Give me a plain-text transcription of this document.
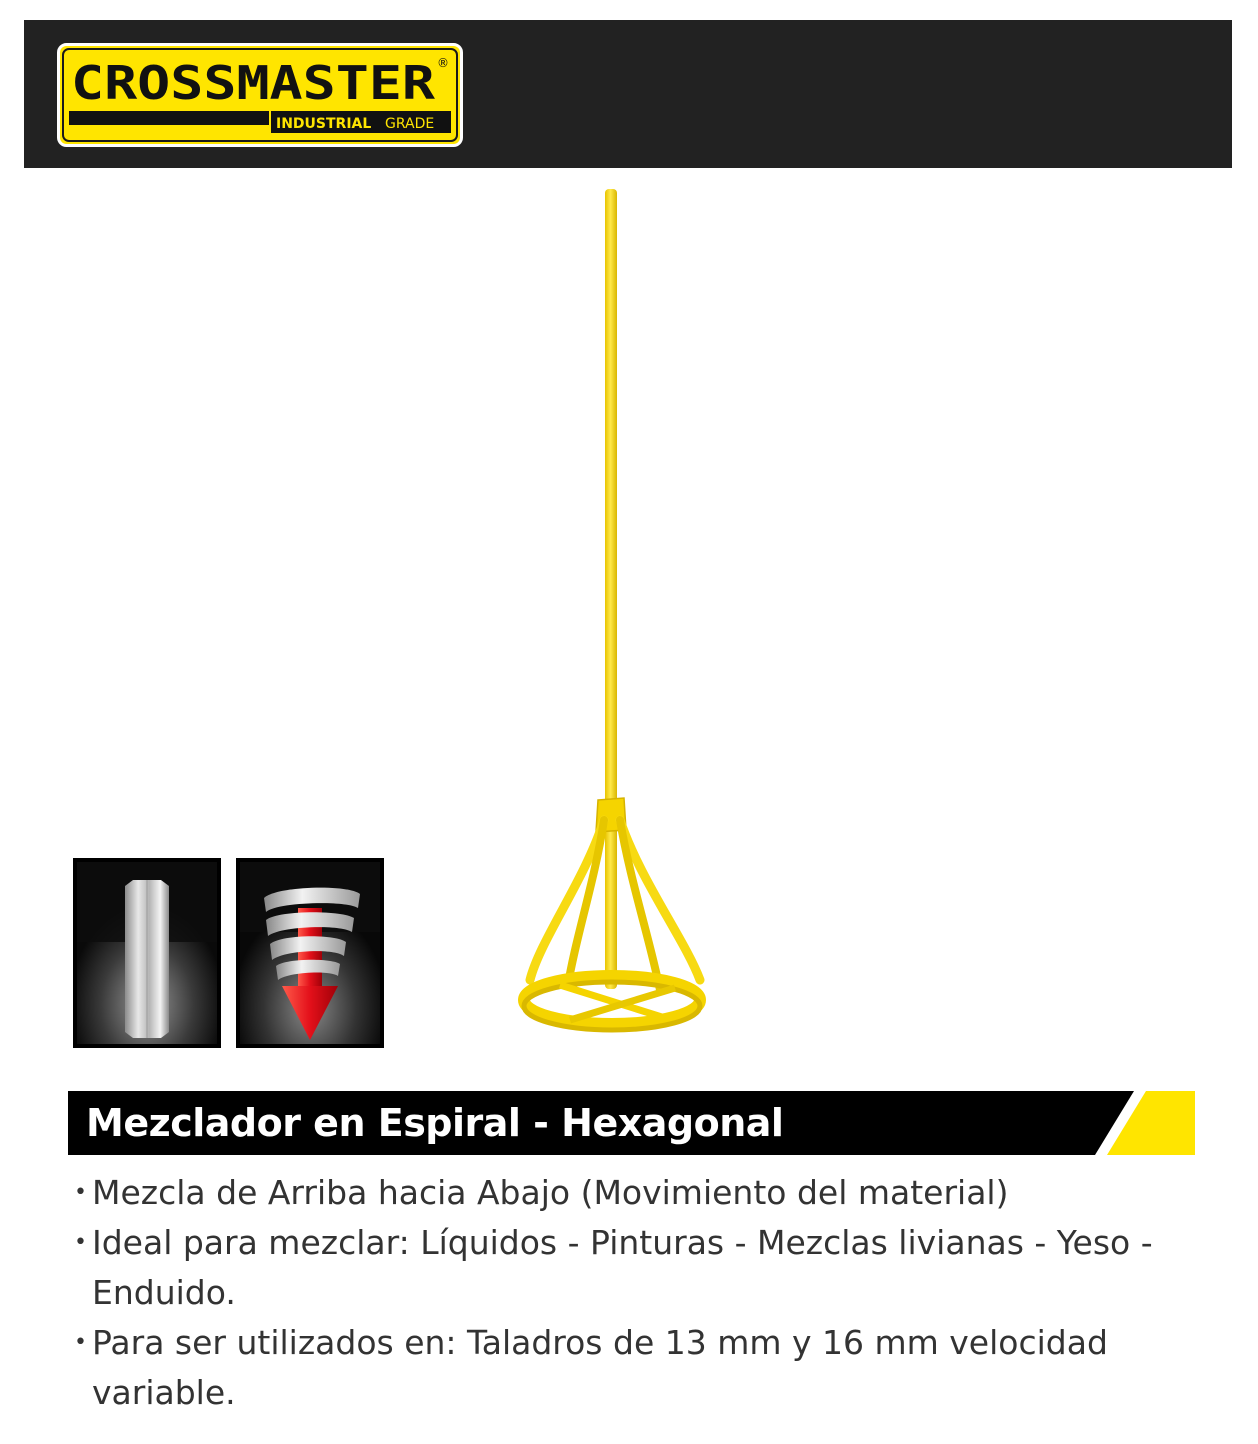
CROSSMASTER ®
INDUSTRIAL GRADE
Mezclador en Espiral - Hexagonal
• Mezcla de Arriba hacia Abajo (Movimiento del material)
• Ideal para mezclar: Líquidos - Pinturas - Mezclas livianas - Yeso - Enduido.
• Para ser utilizados en: Taladros de 13 mm y 16 mm velocidad variable.
